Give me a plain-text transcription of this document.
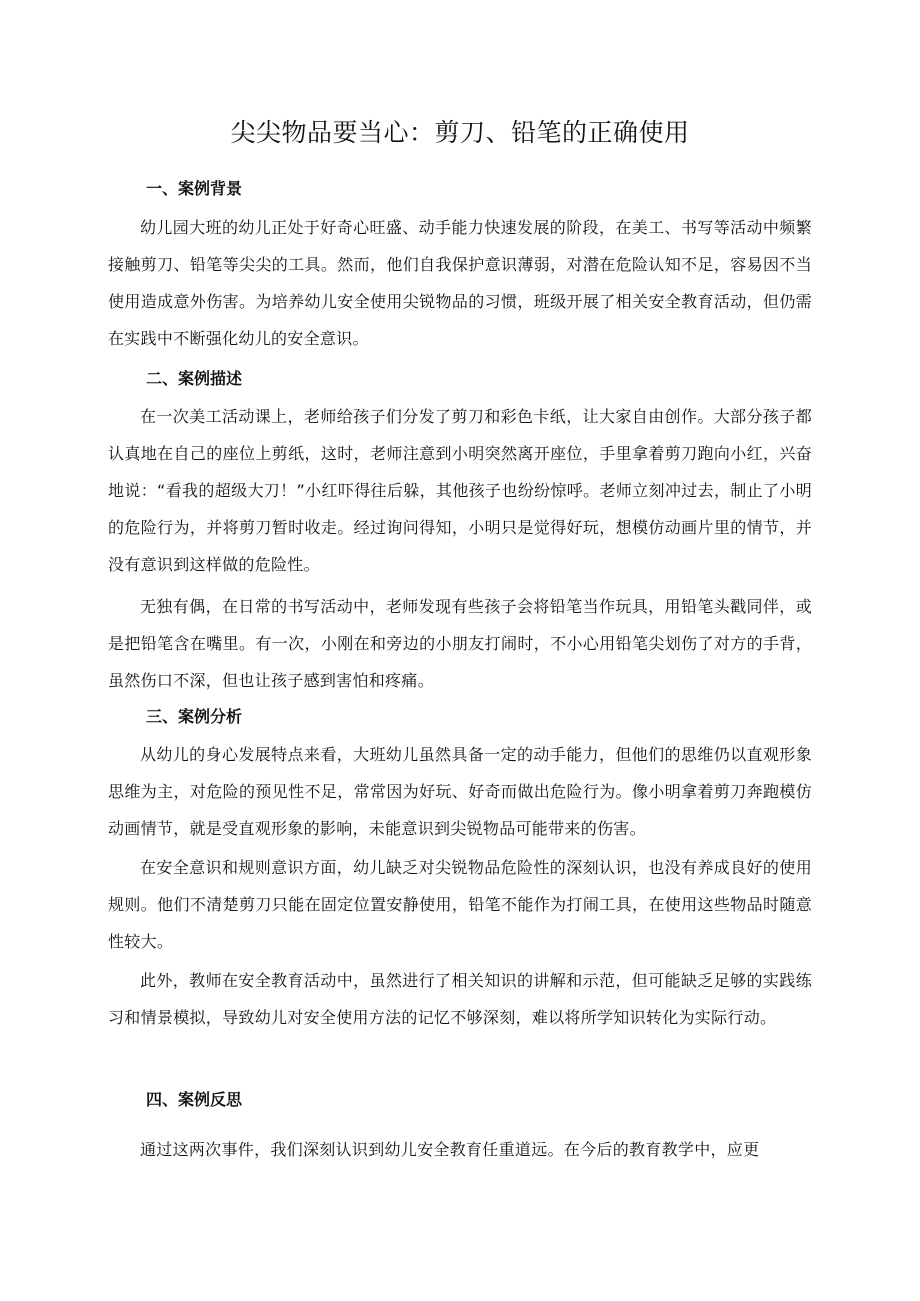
尖尖物品要当心：剪刀、铅笔的正确使用
一、案例背景

幼儿园大班的幼儿正处于好奇心旺盛、动手能力快速发展的阶段，在美工、书写等活动中频繁接触剪刀、铅笔等尖尖的工具。然而，他们自我保护意识薄弱，对潜在危险认知不足，容易因不当使用造成意外伤害。为培养幼儿安全使用尖锐物品的习惯，班级开展了相关安全教育活动，但仍需在实践中不断强化幼儿的安全意识。

二、案例描述

在一次美工活动课上，老师给孩子们分发了剪刀和彩色卡纸，让大家自由创作。大部分孩子都认真地在自己的座位上剪纸，这时，老师注意到小明突然离开座位，手里拿着剪刀跑向小红，兴奋地说：“看我的超级大刀！”小红吓得往后躲，其他孩子也纷纷惊呼。老师立刻冲过去，制止了小明的危险行为，并将剪刀暂时收走。经过询问得知，小明只是觉得好玩，想模仿动画片里的情节，并没有意识到这样做的危险性。

无独有偶，在日常的书写活动中，老师发现有些孩子会将铅笔当作玩具，用铅笔头戳同伴，或是把铅笔含在嘴里。有一次，小刚在和旁边的小朋友打闹时，不小心用铅笔尖划伤了对方的手背，虽然伤口不深，但也让孩子感到害怕和疼痛。

三、案例分析

从幼儿的身心发展特点来看，大班幼儿虽然具备一定的动手能力，但他们的思维仍以直观形象思维为主，对危险的预见性不足，常常因为好玩、好奇而做出危险行为。像小明拿着剪刀奔跑模仿动画情节，就是受直观形象的影响，未能意识到尖锐物品可能带来的伤害。

在安全意识和规则意识方面，幼儿缺乏对尖锐物品危险性的深刻认识，也没有养成良好的使用规则。他们不清楚剪刀只能在固定位置安静使用，铅笔不能作为打闹工具，在使用这些物品时随意性较大。

此外，教师在安全教育活动中，虽然进行了相关知识的讲解和示范，但可能缺乏足够的实践练习和情景模拟，导致幼儿对安全使用方法的记忆不够深刻，难以将所学知识转化为实际行动。

四、案例反思

通过这两次事件，我们深刻认识到幼儿安全教育任重道远。在今后的教育教学中，应更
